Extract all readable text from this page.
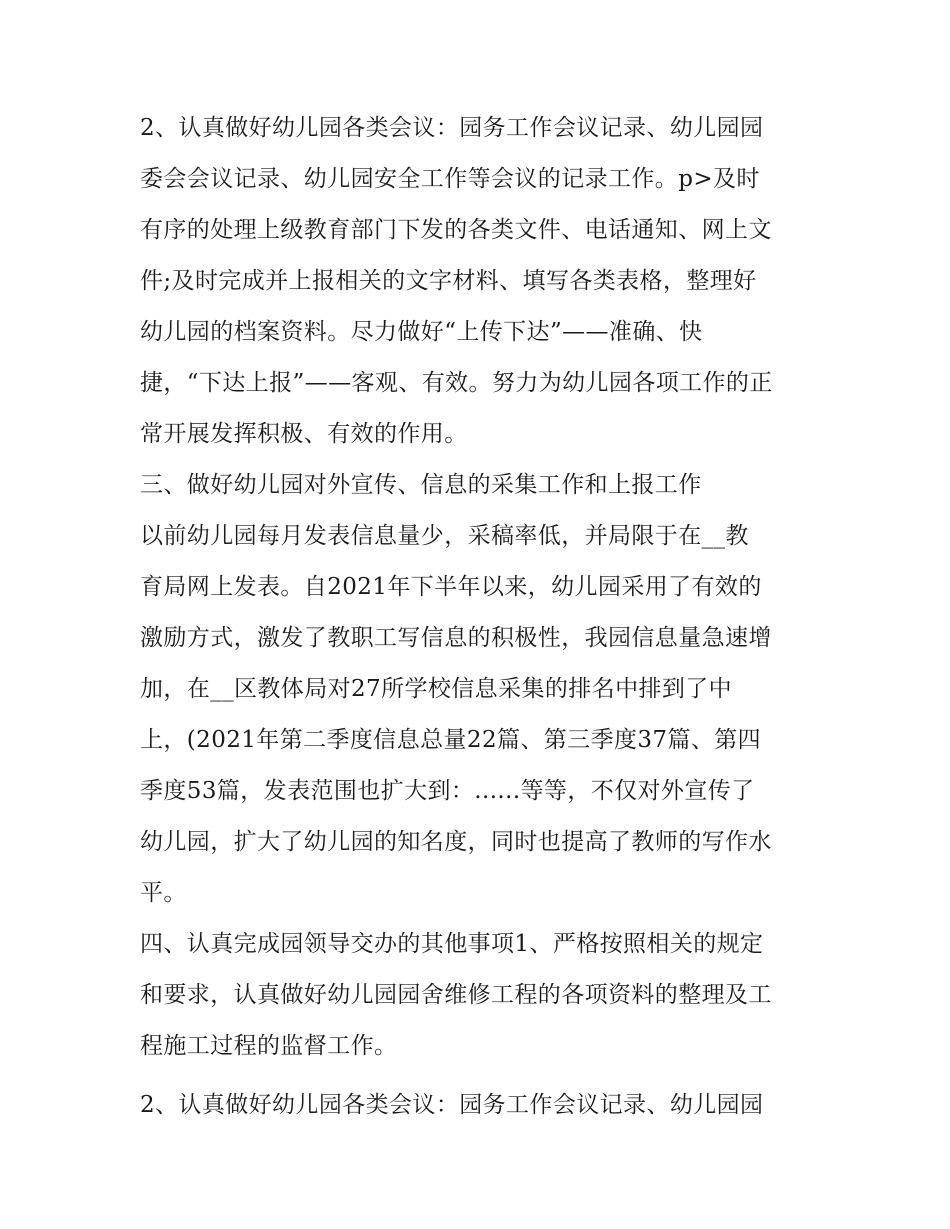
2、认真做好幼儿园各类会议：园务工作会议记录、幼儿园园
委会会议记录、幼儿园安全工作等会议的记录工作。p>及时
有序的处理上级教育部门下发的各类文件、电话通知、网上文
件;及时完成并上报相关的文字材料、填写各类表格，整理好
幼儿园的档案资料。尽力做好“上传下达”——准确、快
捷，“下达上报”——客观、有效。努力为幼儿园各项工作的正
常开展发挥积极、有效的作用。
三、做好幼儿园对外宣传、信息的采集工作和上报工作
以前幼儿园每月发表信息量少，采稿率低，并局限于在__教
育局网上发表。自2021年下半年以来，幼儿园采用了有效的
激励方式，激发了教职工写信息的积极性，我园信息量急速增
加，在__区教体局对27所学校信息采集的排名中排到了中
上，(2021年第二季度信息总量22篇、第三季度37篇、第四
季度53篇，发表范围也扩大到：......等等，不仅对外宣传了
幼儿园，扩大了幼儿园的知名度，同时也提高了教师的写作水
平。
四、认真完成园领导交办的其他事项1、严格按照相关的规定
和要求，认真做好幼儿园园舍维修工程的各项资料的整理及工
程施工过程的监督工作。
2、认真做好幼儿园各类会议：园务工作会议记录、幼儿园园
